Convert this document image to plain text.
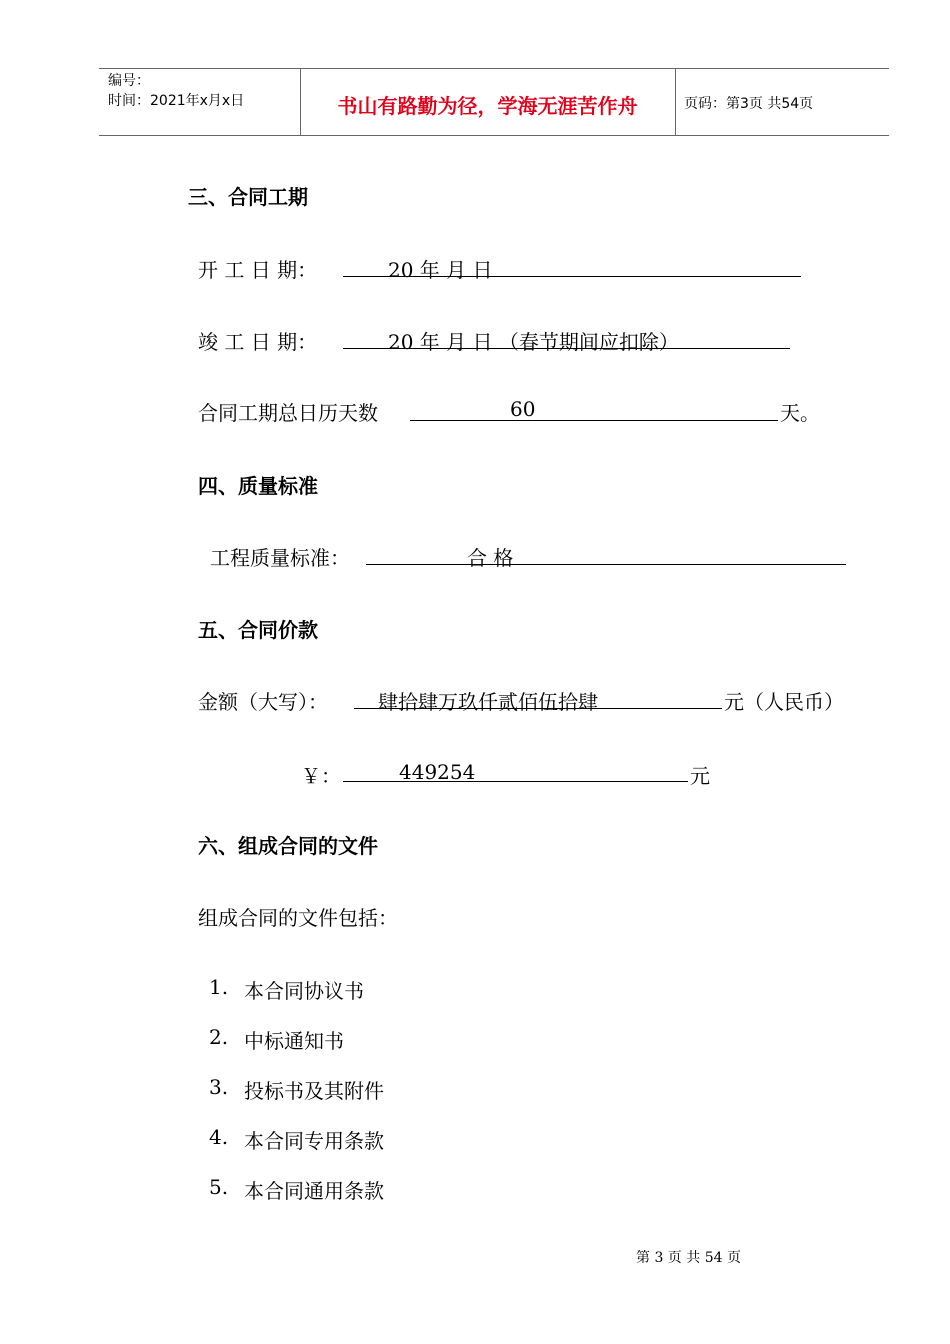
编号：
时间：2021年x月x日	书山有路勤为径，学海无涯苦作舟	页码：第3页 共54页
三、合同工期
开 工 日 期：	20 年 月 日
竣 工 日 期：	20 年 月 日 （春节期间应扣除）
合同工期总日历天数	60	天。
四、质量标准
工程质量标准：	合 格
五、合同价款
金额（大写）：	肆拾肆万玖仟贰佰伍拾肆	元（人民币）
￥：	449254	元
六、组成合同的文件
组成合同的文件包括：
1. 本合同协议书
2. 中标通知书
3. 投标书及其附件
4. 本合同专用条款
5. 本合同通用条款
第 3 页 共 54 页
